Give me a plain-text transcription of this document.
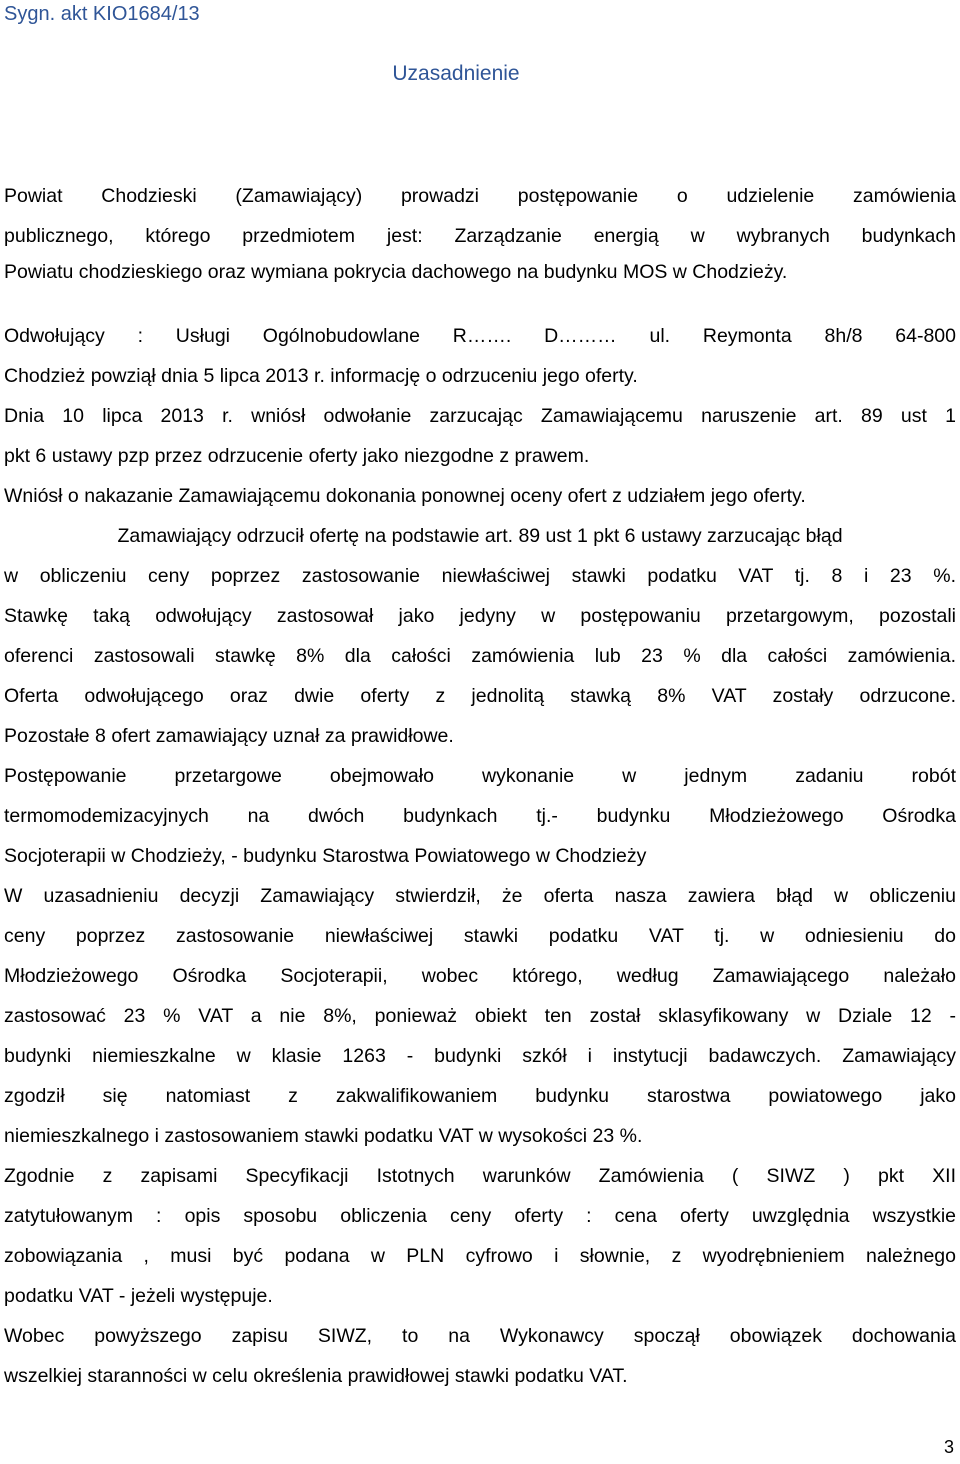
Sygn. akt KIO1684/13
Uzasadnienie
Powiat Chodzieski (Zamawiający) prowadzi postępowanie o udzielenie zamówienia
publicznego, którego przedmiotem jest: Zarządzanie energią w wybranych budynkach
Powiatu chodzieskiego oraz wymiana pokrycia dachowego na budynku MOS w Chodzieży.
Odwołujący : Usługi Ogólnobudowlane R……. D……… ul. Reymonta 8h/8 64-800
Chodzież powziął dnia 5 lipca 2013 r. informację o odrzuceniu jego oferty.
Dnia 10 lipca 2013 r. wniósł odwołanie zarzucając Zamawiającemu naruszenie art. 89 ust 1
pkt 6 ustawy pzp przez odrzucenie oferty jako niezgodne z prawem.
Wniósł o nakazanie Zamawiającemu dokonania ponownej oceny ofert z udziałem jego oferty.
Zamawiający odrzucił ofertę na podstawie art. 89 ust 1 pkt 6 ustawy zarzucając błąd
w obliczeniu ceny poprzez zastosowanie niewłaściwej stawki podatku VAT tj. 8 i 23 %.
Stawkę taką odwołujący zastosował jako jedyny w postępowaniu przetargowym, pozostali
oferenci zastosowali stawkę 8% dla całości zamówienia lub 23 % dla całości zamówienia.
Oferta odwołującego oraz dwie oferty z jednolitą stawką 8% VAT zostały odrzucone.
Pozostałe 8 ofert zamawiający uznał za prawidłowe.
Postępowanie przetargowe obejmowało wykonanie w jednym zadaniu robót
termomodemizacyjnych na dwóch budynkach tj.- budynku Młodzieżowego Ośrodka
Socjoterapii w Chodzieży, - budynku Starostwa Powiatowego w Chodzieży
W uzasadnieniu decyzji Zamawiający stwierdził, że oferta nasza zawiera błąd w obliczeniu
ceny poprzez zastosowanie niewłaściwej stawki podatku VAT tj. w odniesieniu do
Młodzieżowego Ośrodka Socjoterapii, wobec którego, według Zamawiającego należało
zastosować 23 % VAT a nie 8%, ponieważ obiekt ten został sklasyfikowany w Dziale 12 -
budynki niemieszkalne w klasie 1263 - budynki szkół i instytucji badawczych. Zamawiający
zgodził się natomiast z zakwalifikowaniem budynku starostwa powiatowego jako
niemieszkalnego i zastosowaniem stawki podatku VAT w wysokości 23 %.
Zgodnie z zapisami Specyfikacji Istotnych warunków Zamówienia ( SIWZ ) pkt XII
zatytułowanym : opis sposobu obliczenia ceny oferty : cena oferty uwzględnia wszystkie
zobowiązania , musi być podana w PLN cyfrowo i słownie, z wyodrębnieniem należnego
podatku VAT - jeżeli występuje.
Wobec powyższego zapisu SIWZ, to na Wykonawcy spoczął obowiązek dochowania
wszelkiej staranności w celu określenia prawidłowej stawki podatku VAT.
3
